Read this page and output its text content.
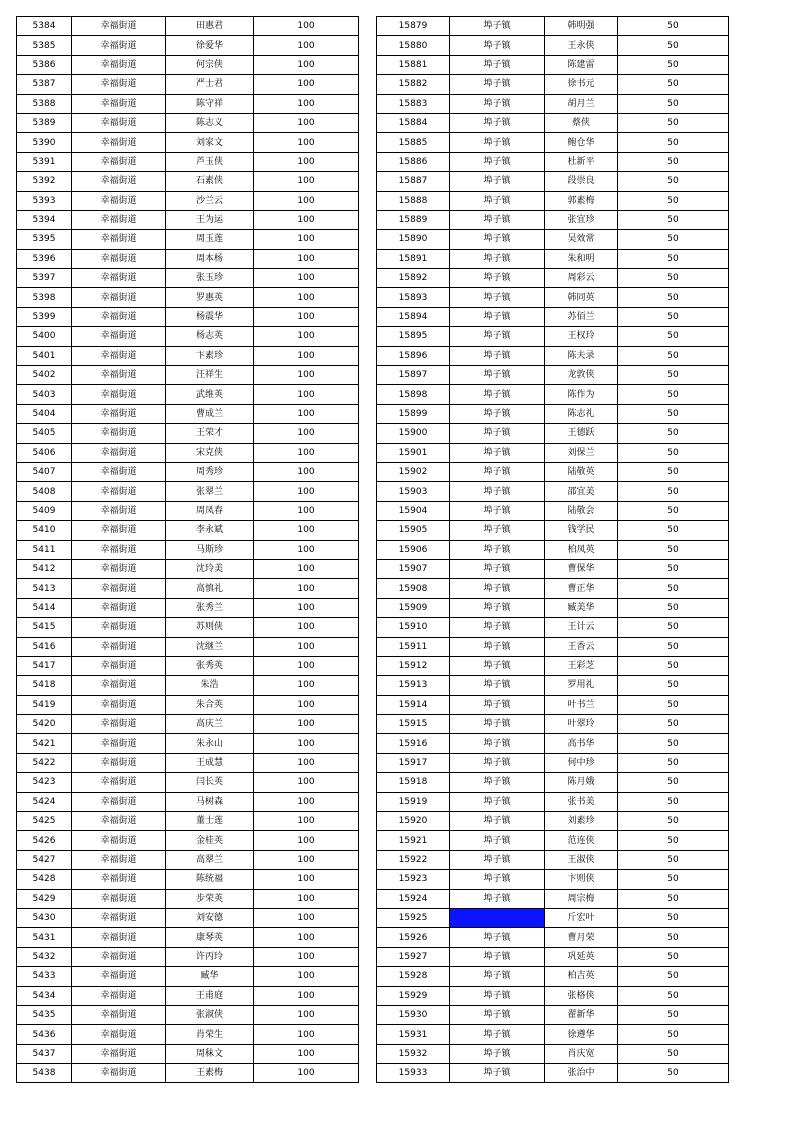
5384	幸福街道	田惠君	100
5385	幸福街道	徐爱华	100
5386	幸福街道	何宗侠	100
5387	幸福街道	严士君	100
5388	幸福街道	陈守祥	100
5389	幸福街道	陈志义	100
5390	幸福街道	刘家文	100
5391	幸福街道	芦玉侠	100
5392	幸福街道	石素侠	100
5393	幸福街道	沙兰云	100
5394	幸福街道	王为运	100
5395	幸福街道	周玉莲	100
5396	幸福街道	周本杨	100
5397	幸福街道	张玉珍	100
5398	幸福街道	罗惠英	100
5399	幸福街道	杨震华	100
5400	幸福街道	杨志英	100
5401	幸福街道	卞素珍	100
5402	幸福街道	汪祥生	100
5403	幸福街道	武维英	100
5404	幸福街道	曹成兰	100
5405	幸福街道	王荣才	100
5406	幸福街道	宋克侠	100
5407	幸福街道	周秀珍	100
5408	幸福街道	张翠兰	100
5409	幸福街道	周凤春	100
5410	幸福街道	李永斌	100
5411	幸福街道	马斯珍	100
5412	幸福街道	沈玲美	100
5413	幸福街道	高慎礼	100
5414	幸福街道	张秀兰	100
5415	幸福街道	苏则侠	100
5416	幸福街道	沈继兰	100
5417	幸福街道	张秀英	100
5418	幸福街道	朱浩	100
5419	幸福街道	朱合英	100
5420	幸福街道	高庆兰	100
5421	幸福街道	朱永山	100
5422	幸福街道	王成慧	100
5423	幸福街道	闫长英	100
5424	幸福街道	马树森	100
5425	幸福街道	董士莲	100
5426	幸福街道	金桂英	100
5427	幸福街道	高翠兰	100
5428	幸福街道	陈统福	100
5429	幸福街道	步荣英	100
5430	幸福街道	刘安德	100
5431	幸福街道	康琴英	100
5432	幸福街道	许丙玲	100
5433	幸福街道	臧华	100
5434	幸福街道	王甫庭	100
5435	幸福街道	张淑侠	100
5436	幸福街道	肖荣生	100
5437	幸福街道	周秣文	100
5438	幸福街道	王素梅	100
15879	埠子镇	韩明强	50
15880	埠子镇	王永侠	50
15881	埠子镇	陈建雷	50
15882	埠子镇	徐书元	50
15883	埠子镇	胡月兰	50
15884	埠子镇	蔡侠	50
15885	埠子镇	鲍仓华	50
15886	埠子镇	杜新平	50
15887	埠子镇	段崇良	50
15888	埠子镇	郭素梅	50
15889	埠子镇	张宜珍	50
15890	埠子镇	吴效常	50
15891	埠子镇	朱和明	50
15892	埠子镇	周彩云	50
15893	埠子镇	韩同英	50
15894	埠子镇	苏佰兰	50
15895	埠子镇	王权玲	50
15896	埠子镇	陈夫录	50
15897	埠子镇	龙敦侠	50
15898	埠子镇	陈作为	50
15899	埠子镇	陈志礼	50
15900	埠子镇	王德跃	50
15901	埠子镇	刘保兰	50
15902	埠子镇	陆敬英	50
15903	埠子镇	邵宜美	50
15904	埠子镇	陆敬会	50
15905	埠子镇	钱学民	50
15906	埠子镇	柏凤英	50
15907	埠子镇	曹保华	50
15908	埠子镇	曹正华	50
15909	埠子镇	臧美华	50
15910	埠子镇	王计云	50
15911	埠子镇	王香云	50
15912	埠子镇	王彩芝	50
15913	埠子镇	罗用礼	50
15914	埠子镇	叶书兰	50
15915	埠子镇	叶翠玲	50
15916	埠子镇	高书华	50
15917	埠子镇	何中珍	50
15918	埠子镇	陈月娥	50
15919	埠子镇	张书美	50
15920	埠子镇	刘素珍	50
15921	埠子镇	范连侠	50
15922	埠子镇	王淑侠	50
15923	埠子镇	卞则侠	50
15924	埠子镇	周宗梅	50
15925	埠子镇	斤宏叶	50
15926	埠子镇	曹月荣	50
15927	埠子镇	巩延英	50
15928	埠子镇	柏吉英	50
15929	埠子镇	张格侠	50
15930	埠子镇	翟新华	50
15931	埠子镇	徐遵华	50
15932	埠子镇	肖庆宽	50
15933	埠子镇	张治中	50
